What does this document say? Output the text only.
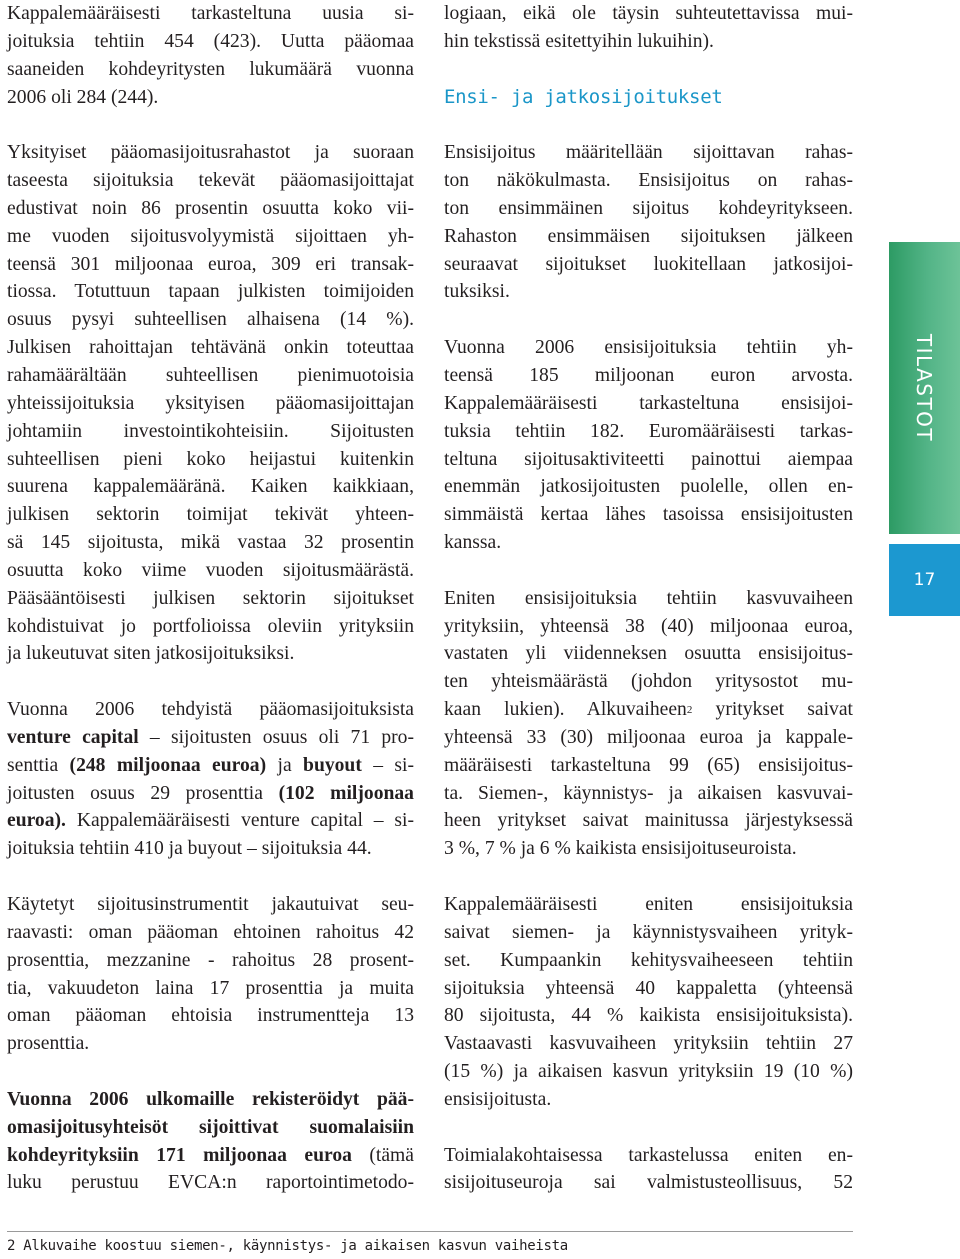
Kappalemääräisesti tarkasteltuna uusia si-
joituksia tehtiin 454 (423). Uutta pääomaa
saaneiden kohdeyritysten lukumäärä vuonna
2006 oli 284 (244).
Yksityiset pääomasijoitusrahastot ja suoraan
taseesta sijoituksia tekevät pääomasijoittajat
edustivat noin 86 prosentin osuutta koko vii-
me vuoden sijoitusvolyymistä sijoittaen yh-
teensä 301 miljoonaa euroa, 309 eri transak-
tiossa. Totuttuun tapaan julkisten toimijoiden
osuus pysyi suhteellisen alhaisena (14 %).
Julkisen rahoittajan tehtävänä onkin toteuttaa
rahamäärältään suhteellisen pienimuotoisia
yhteissijoituksia yksityisen pääomasijoittajan
johtamiin investointikohteisiin. Sijoitusten
suhteellisen pieni koko heijastui kuitenkin
suurena kappalemääränä. Kaiken kaikkiaan,
julkisen sektorin toimijat tekivät yhteen-
sä 145 sijoitusta, mikä vastaa 32 prosentin
osuutta koko viime vuoden sijoitusmäärästä.
Pääsääntöisesti julkisen sektorin sijoitukset
kohdistuivat jo portfolioissa oleviin yrityksiin
ja lukeutuvat siten jatkosijoituksiksi.
Vuonna 2006 tehdyistä pääomasijoituksista
venture capital – sijoitusten osuus oli 71 pro-
senttia (248 miljoonaa euroa) ja buyout – si-
joitusten osuus 29 prosenttia (102 miljoonaa
euroa). Kappalemääräisesti venture capital – si-
joituksia tehtiin 410 ja buyout – sijoituksia 44.
Käytetyt sijoitusinstrumentit jakautuivat seu-
raavasti: oman pääoman ehtoinen rahoitus 42
prosenttia, mezzanine - rahoitus 28 prosent-
tia, vakuudeton laina 17 prosenttia ja muita
oman pääoman ehtoisia instrumentteja 13
prosenttia.
Vuonna 2006 ulkomaille rekisteröidyt pää-
omasijoitusyhteisöt sijoittivat suomalaisiin
kohdeyrityksiin 171 miljoonaa euroa (tämä
luku perustuu EVCA:n raportointimetodo-
logiaan, eikä ole täysin suhteutettavissa mui-
hin tekstissä esitettyihin lukuihin).
Ensi- ja jatkosijoitukset
Ensisijoitus määritellään sijoittavan rahas-
ton näkökulmasta. Ensisijoitus on rahas-
ton ensimmäinen sijoitus kohdeyritykseen.
Rahaston ensimmäisen sijoituksen jälkeen
seuraavat sijoitukset luokitellaan jatkosijoi-
tuksiksi.
Vuonna 2006 ensisijoituksia tehtiin yh-
teensä 185 miljoonan euron arvosta.
Kappalemääräisesti tarkasteltuna ensisijoi-
tuksia tehtiin 182. Euromääräisesti tarkas-
teltuna sijoitusaktiviteetti painottui aiempaa
enemmän jatkosijoitusten puolelle, ollen en-
simmäistä kertaa lähes tasoissa ensisijoitusten
kanssa.
Eniten ensisijoituksia tehtiin kasvuvaiheen
yrityksiin, yhteensä 38 (40) miljoonaa euroa,
vastaten yli viidenneksen osuutta ensisijoitus-
ten yhteismäärästä (johdon yritysostot mu-
kaan lukien). Alkuvaiheen$^2$ yritykset saivat
yhteensä 33 (30) miljoonaa euroa ja kappale-
määräisesti tarkasteltuna 99 (65) ensisijoitus-
ta. Siemen-, käynnistys- ja aikaisen kasvuvai-
heen yritykset saivat mainitussa järjestyksessä
3 %, 7 % ja 6 % kaikista ensisijoituseuroista.
Kappalemääräisesti eniten ensisijoituksia
saivat siemen- ja käynnistysvaiheen yrityk-
set. Kumpaankin kehitysvaiheeseen tehtiin
sijoituksia yhteensä 40 kappaletta (yhteensä
80 sijoitusta, 44 % kaikista ensisijoituksista).
Vastaavasti kasvuvaiheen yrityksiin tehtiin 27
(15 %) ja aikaisen kasvun yrityksiin 19 (10 %)
ensisijoitusta.
Toimialakohtaisessa tarkastelussa eniten en-
sisijoituseuroja sai valmistusteollisuus, 52
TILASTOT
17
2 Alkuvaihe koostuu siemen-, käynnistys- ja aikaisen kasvun vaiheista
